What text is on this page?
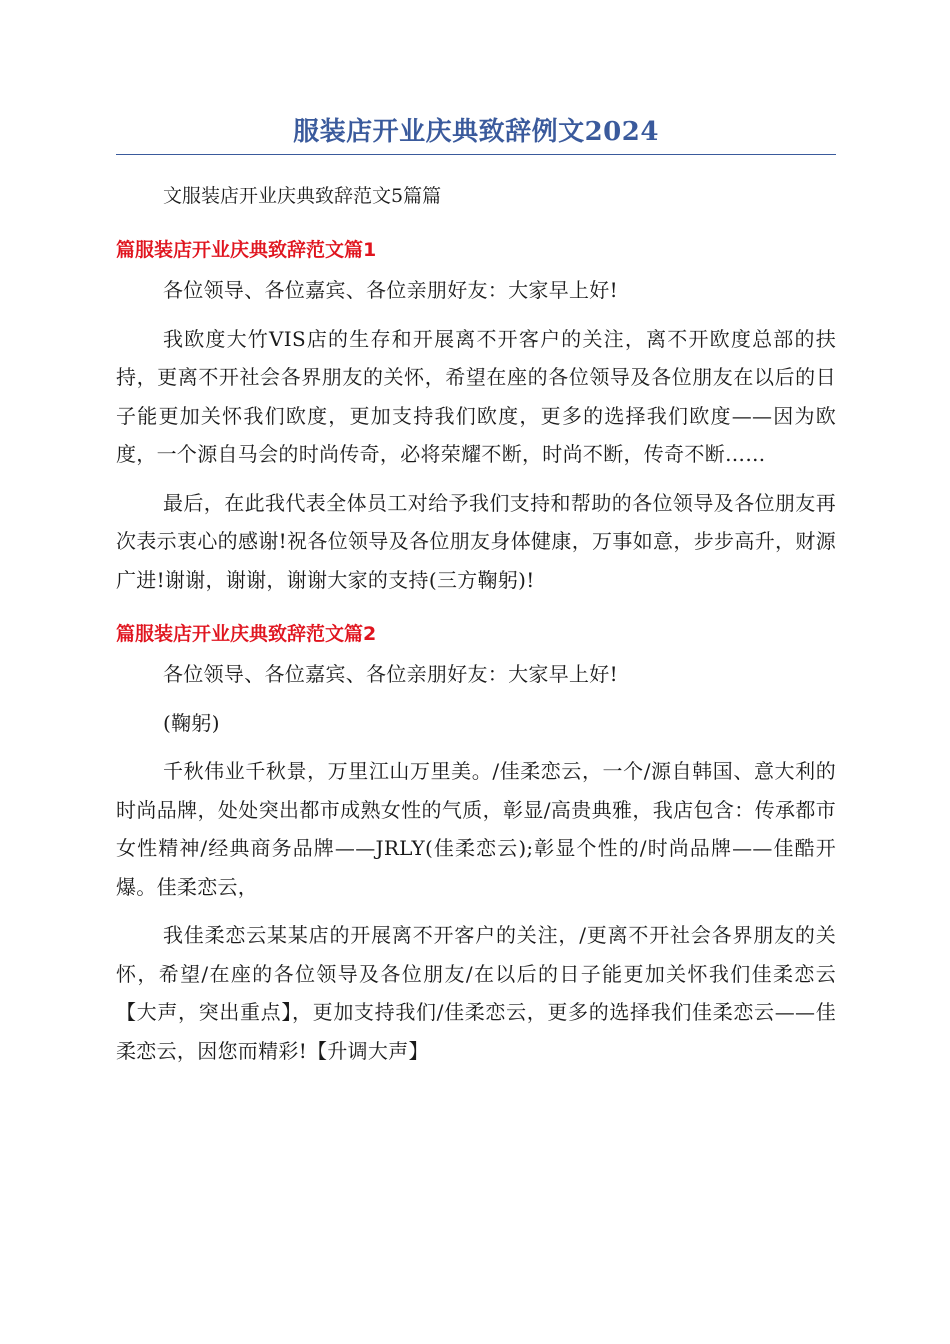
服装店开业庆典致辞例文2024

文服装店开业庆典致辞范文5篇篇

篇服装店开业庆典致辞范文篇1

各位领导、各位嘉宾、各位亲朋好友：大家早上好!

我欧度大竹VIS店的生存和开展离不开客户的关注，离不开欧度总部的扶持，更离不开社会各界朋友的关怀，希望在座的各位领导及各位朋友在以后的日子能更加关怀我们欧度，更加支持我们欧度，更多的选择我们欧度——因为欧度，一个源自马会的时尚传奇，必将荣耀不断，时尚不断，传奇不断……

最后，在此我代表全体员工对给予我们支持和帮助的各位领导及各位朋友再次表示衷心的感谢!祝各位领导及各位朋友身体健康，万事如意，步步高升，财源广进!谢谢，谢谢，谢谢大家的支持(三方鞠躬)!

篇服装店开业庆典致辞范文篇2

各位领导、各位嘉宾、各位亲朋好友：大家早上好!

(鞠躬)

千秋伟业千秋景，万里江山万里美。/佳柔恋云，一个/源自韩国、意大利的时尚品牌，处处突出都市成熟女性的气质，彰显/高贵典雅，我店包含：传承都市女性精神/经典商务品牌——JRLY(佳柔恋云);彰显个性的/时尚品牌——佳酷开爆。佳柔恋云，

我佳柔恋云某某店的开展离不开客户的关注，/更离不开社会各界朋友的关怀，希望/在座的各位领导及各位朋友/在以后的日子能更加关怀我们佳柔恋云【大声，突出重点】，更加支持我们/佳柔恋云，更多的选择我们佳柔恋云——佳柔恋云，因您而精彩!【升调大声】
